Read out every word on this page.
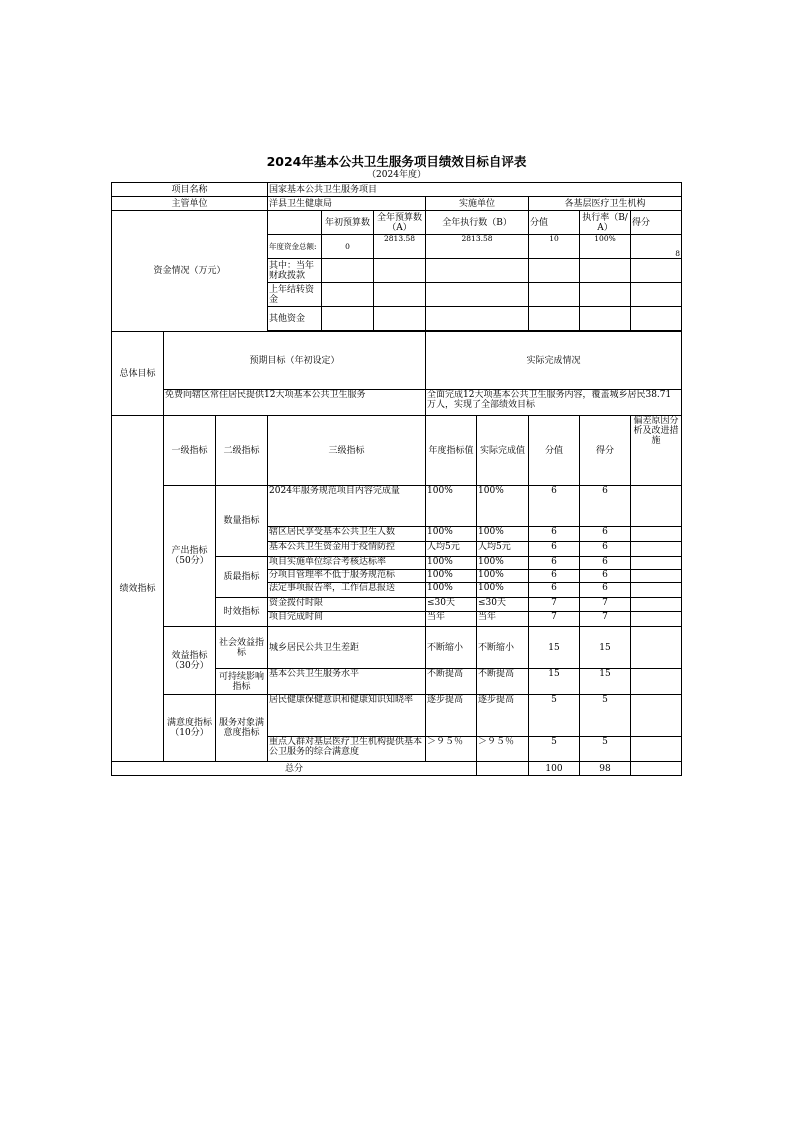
2024年基本公共卫生服务项目绩效目标自评表
（2024年度）
项目名称			国家基本公共卫生服务项目							
主管单位			洋县卫生健康局			实施单位		各基层医疗卫生机构		
资金情况（万元）				年初预算数	全年预算数（A）	全年执行数（B）		分值	执行率（B/A）	得分
			年度资金总额:	0	2813.58	2813.58		10	100%	8
			其中：当年财政拨款							
			上年结转资金							
			其他资金							

总体目标	预期目标（年初设定）					实际完成情况				
	免费向辖区常住居民提供12大项基本公共卫生服务					全面完成12大项基本公共卫生服务内容，覆盖城乡居民38.71万人，实现了全部绩效目标				
绩效指标	一级指标	二级指标	三级指标			年度指标值	实际完成值	分值	得分	偏差原因分析及改进措施
	产出指标（50分）	数量指标	2024年服务规范项目内容完成量			100%	100%	6	6	
			辖区居民享受基本公共卫生人数			100%	100%	6	6	
			基本公共卫生资金用于疫情防控			人均5元	人均5元	6	6	
		质最指标	项目实施单位综合考核达标率			100%	100%	6	6	
			分项目管理率不低于服务规范标			100%	100%	6	6	
			法定事项报告率，工作信息报送			100%	100%	6	6	
		时效指标	资金拨付时限			≤30天	≤30天	7	7	
			项目完成时间			当年	当年	7	7	
	效益指标（30分）	社会效益指标	城乡居民公共卫生差距			不断缩小	不断缩小	15	15	
		可持续影响指标	基本公共卫生服务水平			不断提高	不断提高	15	15	
	满意度指标（10分）	服务对象满意度指标	居民健康保健意识和健康知识知晓率			逐步提高	逐步提高	5	5	
			重点人群对基层医疗卫生机构提供基本公卫服务的综合满意度			＞９５％	＞９５％	5	5	
总分								100	98	
